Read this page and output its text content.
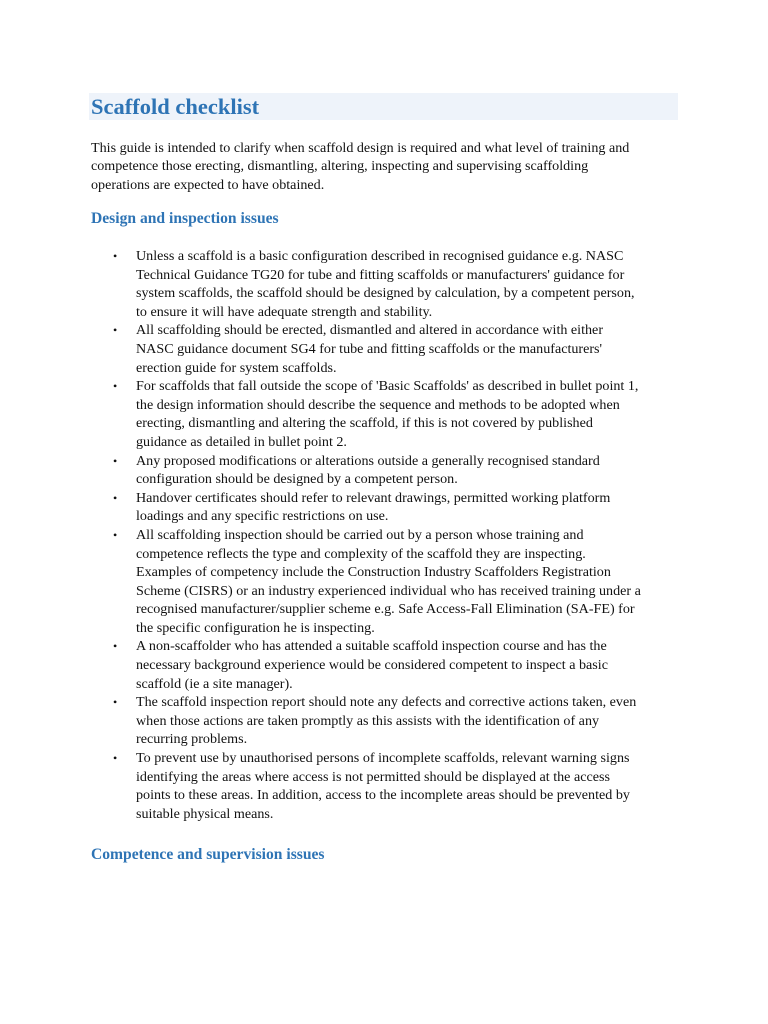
Scaffold checklist

This guide is intended to clarify when scaffold design is required and what level of training and
competence those erecting, dismantling, altering, inspecting and supervising scaffolding
operations are expected to have obtained.

Design and inspection issues
• Unless a scaffold is a basic configuration described in recognised guidance e.g. NASC
Technical Guidance TG20 for tube and fitting scaffolds or manufacturers' guidance for
system scaffolds, the scaffold should be designed by calculation, by a competent person,
to ensure it will have adequate strength and stability.
• All scaffolding should be erected, dismantled and altered in accordance with either
NASC guidance document SG4 for tube and fitting scaffolds or the manufacturers'
erection guide for system scaffolds.
• For scaffolds that fall outside the scope of 'Basic Scaffolds' as described in bullet point 1,
the design information should describe the sequence and methods to be adopted when
erecting, dismantling and altering the scaffold, if this is not covered by published
guidance as detailed in bullet point 2.
• Any proposed modifications or alterations outside a generally recognised standard
configuration should be designed by a competent person.
• Handover certificates should refer to relevant drawings, permitted working platform
loadings and any specific restrictions on use.
• All scaffolding inspection should be carried out by a person whose training and
competence reflects the type and complexity of the scaffold they are inspecting.
Examples of competency include the Construction Industry Scaffolders Registration
Scheme (CISRS) or an industry experienced individual who has received training under a
recognised manufacturer/supplier scheme e.g. Safe Access-Fall Elimination (SA-FE) for
the specific configuration he is inspecting.
• A non-scaffolder who has attended a suitable scaffold inspection course and has the
necessary background experience would be considered competent to inspect a basic
scaffold (ie a site manager).
• The scaffold inspection report should note any defects and corrective actions taken, even
when those actions are taken promptly as this assists with the identification of any
recurring problems.
• To prevent use by unauthorised persons of incomplete scaffolds, relevant warning signs
identifying the areas where access is not permitted should be displayed at the access
points to these areas. In addition, access to the incomplete areas should be prevented by
suitable physical means.
Competence and supervision issues
